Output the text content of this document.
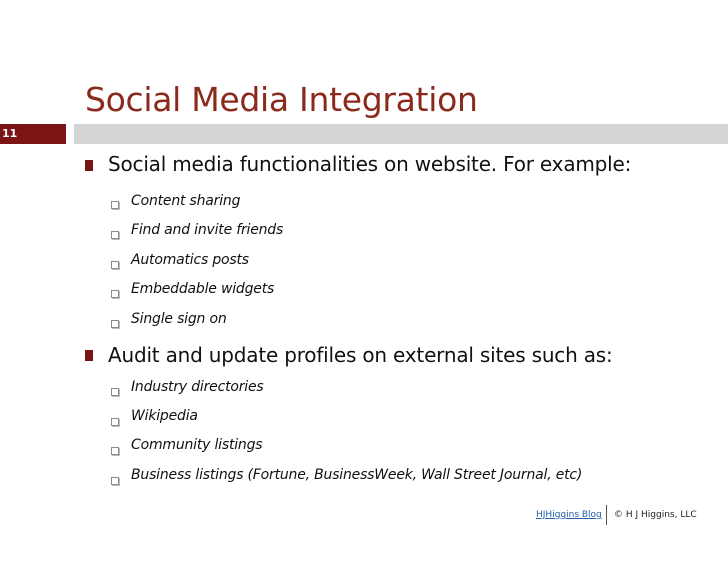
Social Media Integration
11
Social media functionalities on website. For example:
Content sharing
Find and invite friends
Automatics posts
Embeddable widgets
Single sign on
Audit and update profiles on external sites such as:
Industry directories
Wikipedia
Community listings
Business listings (Fortune, BusinessWeek, Wall Street Journal, etc)
HJHiggins Blog © H J Higgins, LLC
